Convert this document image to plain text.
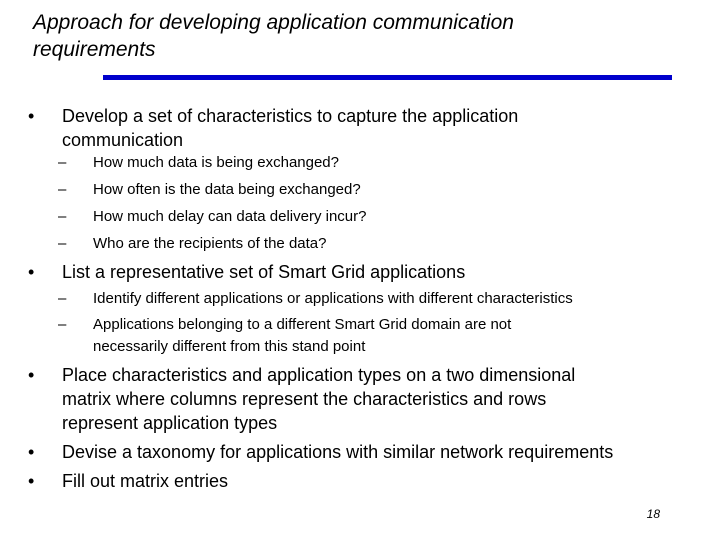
Approach for developing application communication
requirements
• Develop a set of characteristics to capture the application
communication
– How much data is being exchanged?
– How often is the data being exchanged?
– How much delay can data delivery incur?
– Who are the recipients of the data?
• List a representative set of Smart Grid applications
– Identify different applications or applications with different characteristics
– Applications belonging to a different Smart Grid domain are not
necessarily different from this stand point
• Place characteristics and application types on a two dimensional
matrix where columns represent the characteristics and rows
represent application types
• Devise a taxonomy for applications with similar network requirements
• Fill out matrix entries
18
